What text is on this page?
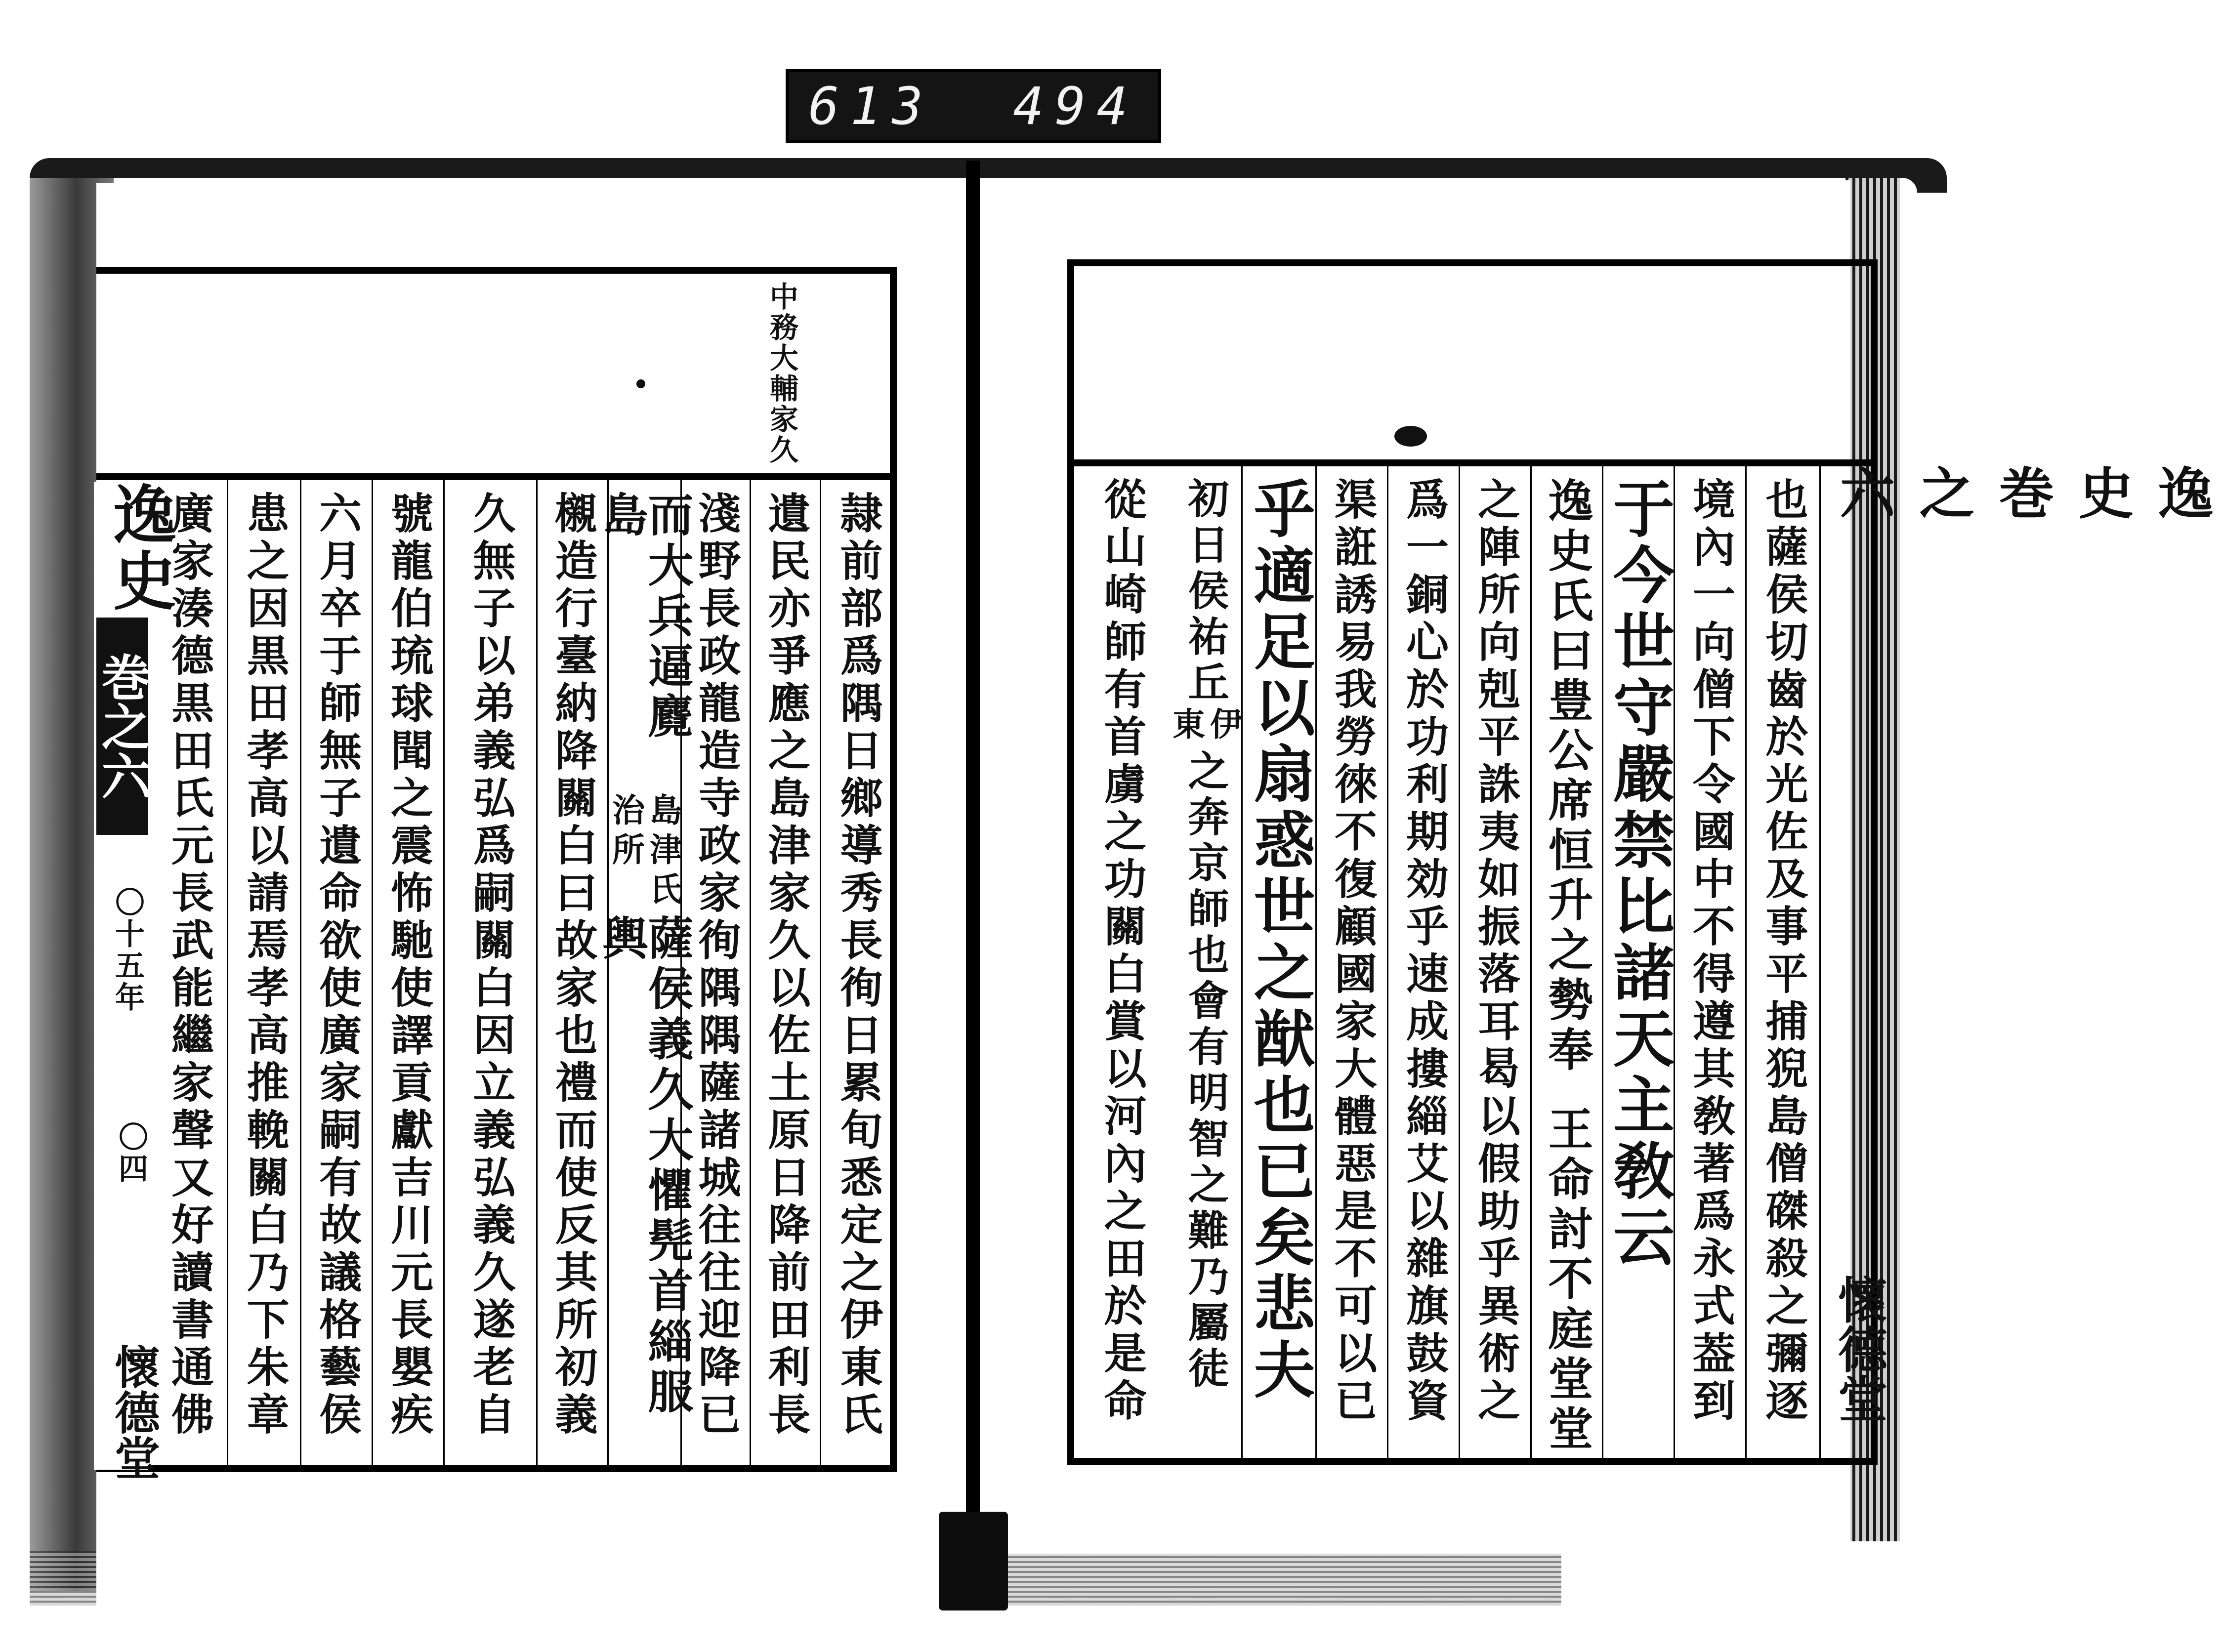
613 494
中務大輔家久
逸史
巻之六
〇十五年
〇四
懷德堂	隷前部爲隅日鄉導秀長徇日累旬悉定之伊東氏
遺民亦爭應之島津家久以佐土原日降前田利長
淺野長政龍造寺政家徇隅隅薩諸城往往迎降已
而大兵逼麑島
島津氏
治所
薩侯義久大懼髡首緇服輿
櫬造行臺納降關白曰故家也禮而使反其所初義
久無子以弟義弘爲嗣關白因立義弘義久遂老自
號龍伯琉球聞之震怖馳使譯貢獻吉川元長嬰疾
六月卒于師無子遺命欲使廣家嗣有故議格藝侯
患之因黒田孝高以請焉孝高推輓關白乃下朱章
廣家湊德黒田氏元長武能繼家聲又好讀書通佛	逸史 巻之六
懷德堂
也薩侯切齒於光佐及事平捕猊島僧磔殺之彌逐
境內一向僧下令國中不得遵其敎著爲永式葢到
于今世守嚴禁比諸天主敎云
逸史氏曰豊公席恒升之勢奉
王命討不庭堂堂
之陣所向剋平誅夷如振落耳曷以假助乎異術之
爲一銅心於功利期効乎速成摟緇艾以雜旗鼓資
渠誑誘易我勞徠不復顧國家大體惡是不可以已
乎適足以扇惑世之猷也已矣悲夫
初日侯祐丘
伊
東
之奔京師也會有明智之難乃屬徒
從山崎師有首虜之功關白賞以河內之田於是命
